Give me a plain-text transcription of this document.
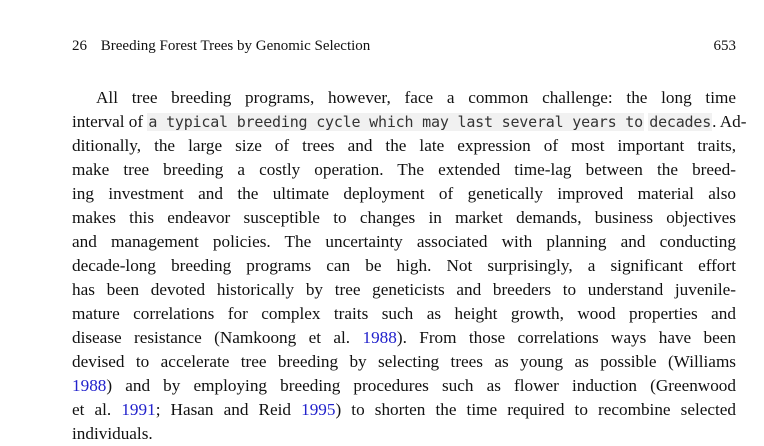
26 Breeding Forest Trees by Genomic Selection	653
All tree breeding programs, however, face a common challenge: the long time
interval of a typical breeding cycle which may last several years to decades. Ad-
ditionally, the large size of trees and the late expression of most important traits,
make tree breeding a costly operation. The extended time-lag between the breed-
ing investment and the ultimate deployment of genetically improved material also
makes this endeavor susceptible to changes in market demands, business objectives
and management policies. The uncertainty associated with planning and conducting
decade-long breeding programs can be high. Not surprisingly, a significant effort
has been devoted historically by tree geneticists and breeders to understand juvenile-
mature correlations for complex traits such as height growth, wood properties and
disease resistance (Namkoong et al. 1988). From those correlations ways have been
devised to accelerate tree breeding by selecting trees as young as possible (Williams
1988) and by employing breeding procedures such as flower induction (Greenwood
et al. 1991; Hasan and Reid 1995) to shorten the time required to recombine selected
individuals.
